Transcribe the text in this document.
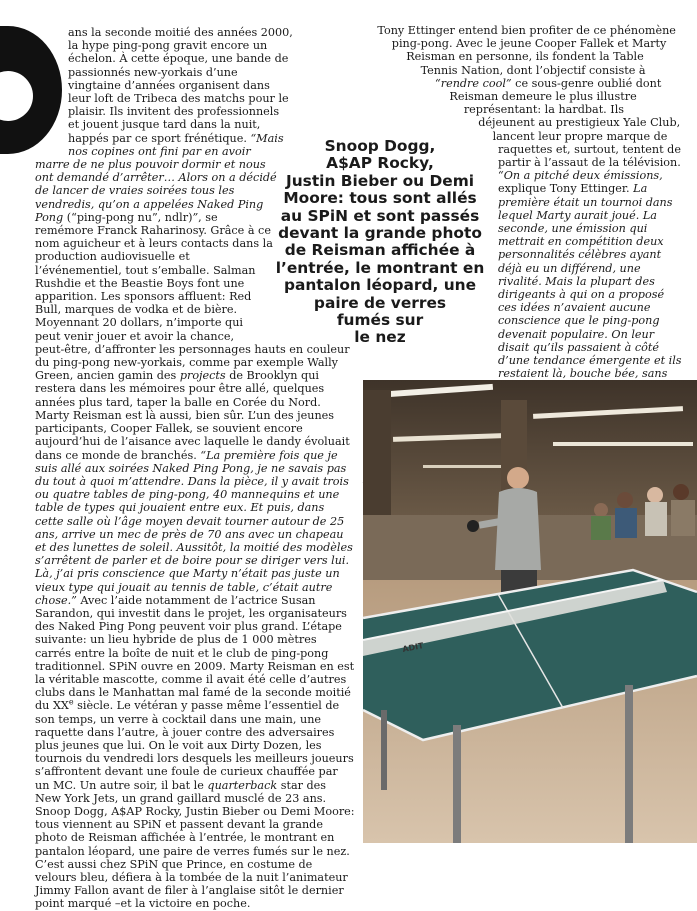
ans la seconde moitié des années 2000, la hype ping-pong gravit encore un échelon. À cette époque, une bande de passionnés new-yorkais d’une vingtaine d’années organisent dans leur loft de Tribeca des matchs pour le plaisir. Ils invitent des professionnels et jouent jusque tard dans la nuit, happés par ce sport frénétique. “Mais nos copines ont fini par en avoir marre de ne plus pouvoir dormir et nous ont demandé d’arrêter… Alors on a décidé de lancer de vraies soirées tous les vendredis, qu’on a appelées Naked Ping Pong (“ping-pong nu”, ndlr)”, se remémore Franck Raharinosy. Grâce à ce nom aguicheur et à leurs contacts dans la production audiovisuelle et l’événementiel, tout s’emballe. Salman Rushdie et the Beastie Boys font une apparition. Les sponsors affluent: Red Bull, marques de vodka et de bière. Moyennant 20 dollars, n’importe qui peut venir jouer et avoir la chance, peut-être, d’affronter les personnages hauts en couleur du ping-pong new-yorkais, comme par exemple Wally Green, ancien gamin des projects de Brooklyn qui restera dans les mémoires pour être allé, quelques années plus tard, taper la balle en Corée du Nord. Marty Reisman est là aussi, bien sûr. L’un des jeunes participants, Cooper Fallek, se souvient encore aujourd’hui de l’aisance avec laquelle le dandy évoluait dans ce monde de branchés. “La première fois que je suis allé aux soirées Naked Ping Pong, je ne savais pas du tout à quoi m’attendre. Dans la pièce, il y avait trois ou quatre tables de ping-pong, 40 mannequins et une table de types qui jouaient entre eux. Et puis, dans cette salle où l’âge moyen devait tourner autour de 25 ans, arrive un mec de près de 70 ans avec un chapeau et des lunettes de soleil. Aussitôt, la moitié des modèles s’arrêtent de parler et de boire pour se diriger vers lui. Là, j’ai pris conscience que Marty n’était pas juste un vieux type qui jouait au tennis de table, c’était autre chose.” Avec l’aide notamment de l’actrice Susan Sarandon, qui investit dans le projet, les organisateurs des Naked Ping Pong peuvent voir plus grand. L’étape suivante: un lieu hybride de plus de 1 000 mètres carrés entre la boîte de nuit et le club de ping-pong traditionnel. SPiN ouvre en 2009. Marty Reisman en est la véritable mascotte, comme il avait été celle d’autres clubs dans le Manhattan mal famé de la seconde moitié du XXe siècle. Le vétéran y passe même l’essentiel de son temps, un verre à cocktail dans une main, une raquette dans l’autre, à jouer contre des adversaires plus jeunes que lui. On le voit aux Dirty Dozen, les tournois du vendredi lors desquels les meilleurs joueurs s’affrontent devant une foule de curieux chauffée par un MC. Un autre soir, il bat le quarterback star des New York Jets, un grand gaillard musclé de 23 ans. Snoop Dogg, A$AP Rocky, Justin Bieber ou Demi Moore: tous viennent au SPiN et passent devant la grande photo de Reisman affichée à l’entrée, le montrant en pantalon léopard, une paire de verres fumés sur le nez. C’est aussi chez SPiN que Prince, en costume de velours bleu, défiera à la tombée de la nuit l’animateur Jimmy Fallon avant de filer à l’anglaise sitôt le dernier point marqué –et la victoire en poche.

Tony Ettinger entend bien profiter de ce phénomène ping-pong. Avec le jeune Cooper Fallek et Marty Reisman en personne, ils fondent la Table Tennis Nation, dont l’objectif consiste à “rendre cool” ce sous-genre oublié dont Reisman demeure le plus illustre représentant: la hardbat. Ils déjeunent au prestigieux Yale Club, lancent leur propre marque de raquettes et, surtout, tentent de partir à l’assaut de la télévision. “On a pitché deux émissions, explique Tony Ettinger. La première était un tournoi dans lequel Marty aurait joué. La seconde, une émission qui mettrait en compétition deux personnalités célèbres ayant déjà eu un différend, une rivalité. Mais la plupart des dirigeants à qui on a proposé ces idées n’avaient aucune conscience que le ping-pong devenait populaire. On leur disait qu’ils passaient à côté d’une tendance émergente et ils restaient là, bouche bée, sans

Snoop Dogg,
A$AP Rocky,
Justin Bieber ou Demi
Moore: tous sont allés
au SPiN et sont passés
devant la grande photo
de Reisman affichée à
l’entrée, le montrant en
pantalon léopard, une
paire de verres
fumés sur
le nez
ADIT
